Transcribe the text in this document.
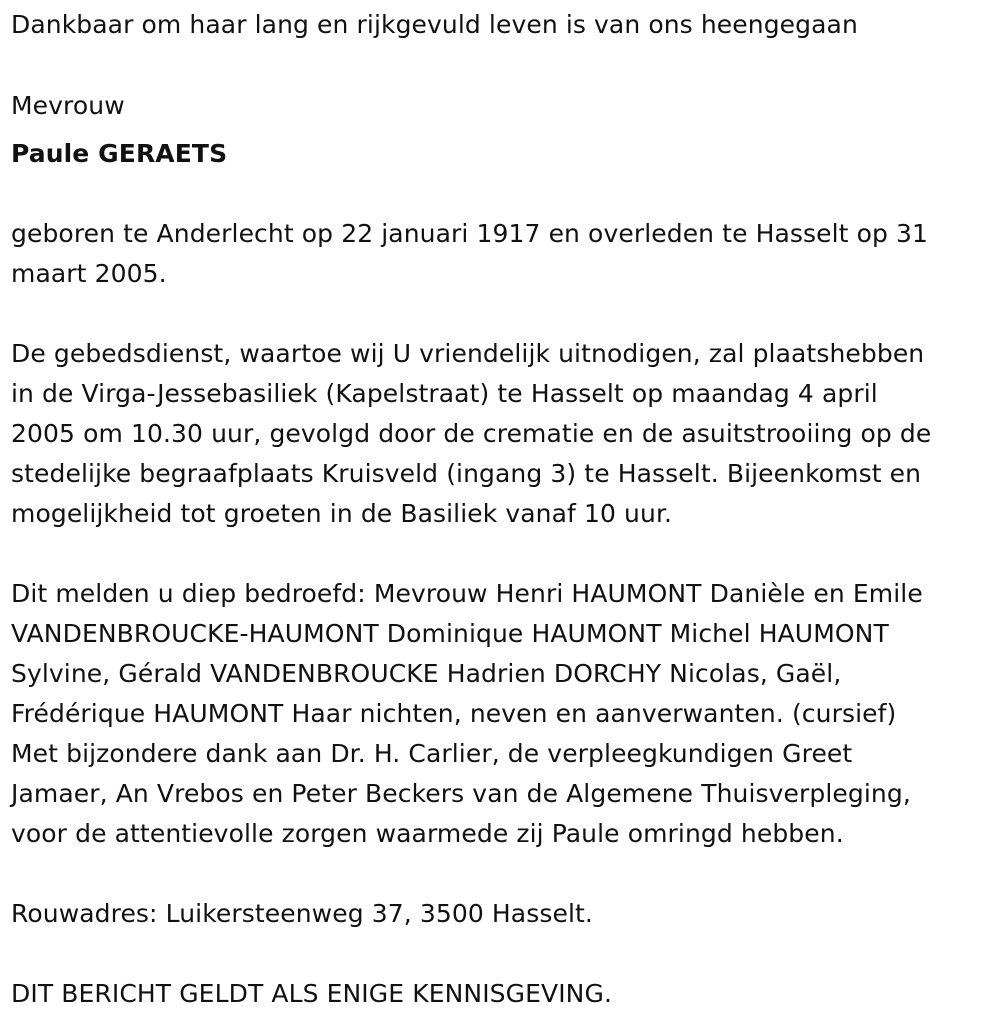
Dankbaar om haar lang en rijkgevuld leven is van ons heengegaan
Mevrouw
Paule GERAETS
geboren te Anderlecht op 22 januari 1917 en overleden te Hasselt op 31
maart 2005.
De gebedsdienst, waartoe wij U vriendelijk uitnodigen, zal plaatshebben
in de Virga-Jessebasiliek (Kapelstraat) te Hasselt op maandag 4 april
2005 om 10.30 uur, gevolgd door de crematie en de asuitstrooiing op de
stedelijke begraafplaats Kruisveld (ingang 3) te Hasselt. Bijeenkomst en
mogelijkheid tot groeten in de Basiliek vanaf 10 uur.
Dit melden u diep bedroefd: Mevrouw Henri HAUMONT Danièle en Emile
VANDENBROUCKE-HAUMONT Dominique HAUMONT Michel HAUMONT
Sylvine, Gérald VANDENBROUCKE Hadrien DORCHY Nicolas, Gaël,
Frédérique HAUMONT Haar nichten, neven en aanverwanten. (cursief)
Met bijzondere dank aan Dr. H. Carlier, de verpleegkundigen Greet
Jamaer, An Vrebos en Peter Beckers van de Algemene Thuisverpleging,
voor de attentievolle zorgen waarmede zij Paule omringd hebben.
Rouwadres: Luikersteenweg 37, 3500 Hasselt.
DIT BERICHT GELDT ALS ENIGE KENNISGEVING.
